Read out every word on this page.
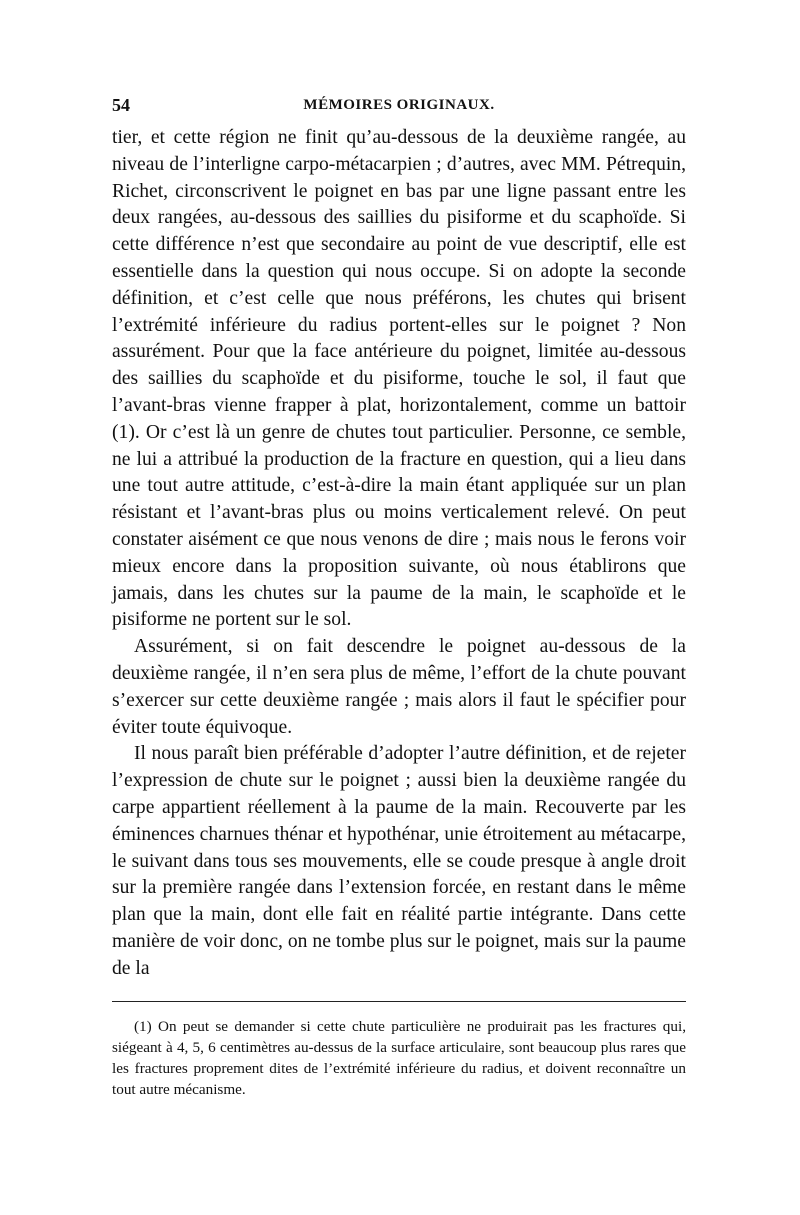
54	MÉMOIRES ORIGINAUX.

tier, et cette région ne finit qu’au-dessous de la deuxième rangée, au niveau de l’interligne carpo-métacarpien ; d’autres, avec MM. Pétrequin, Richet, circonscrivent le poignet en bas par une ligne passant entre les deux rangées, au-dessous des saillies du pisiforme et du scaphoïde. Si cette différence n’est que secondaire au point de vue descriptif, elle est essentielle dans la question qui nous occupe. Si on adopte la seconde définition, et c’est celle que nous préférons, les chutes qui brisent l’extrémité inférieure du radius portent-elles sur le poignet ? Non assurément. Pour que la face antérieure du poignet, limitée au-dessous des saillies du scaphoïde et du pisiforme, touche le sol, il faut que l’avant-bras vienne frapper à plat, horizontalement, comme un battoir (1). Or c’est là un genre de chutes tout particulier. Personne, ce semble, ne lui a attribué la production de la fracture en question, qui a lieu dans une tout autre attitude, c’est-à-dire la main étant appliquée sur un plan résistant et l’avant-bras plus ou moins verticalement relevé. On peut constater aisément ce que nous venons de dire ; mais nous le ferons voir mieux encore dans la proposition suivante, où nous établirons que jamais, dans les chutes sur la paume de la main, le scaphoïde et le pisiforme ne portent sur le sol.

Assurément, si on fait descendre le poignet au-dessous de la deuxième rangée, il n’en sera plus de même, l’effort de la chute pouvant s’exercer sur cette deuxième rangée ; mais alors il faut le spécifier pour éviter toute équivoque.

Il nous paraît bien préférable d’adopter l’autre définition, et de rejeter l’expression de chute sur le poignet ; aussi bien la deuxième rangée du carpe appartient réellement à la paume de la main. Recouverte par les éminences charnues thénar et hypothénar, unie étroitement au métacarpe, le suivant dans tous ses mouvements, elle se coude presque à angle droit sur la première rangée dans l’extension forcée, en restant dans le même plan que la main, dont elle fait en réalité partie intégrante. Dans cette manière de voir donc, on ne tombe plus sur le poignet, mais sur la paume de la

(1) On peut se demander si cette chute particulière ne produirait pas les fractures qui, siégeant à 4, 5, 6 centimètres au-dessus de la surface articulaire, sont beaucoup plus rares que les fractures proprement dites de l’extrémité inférieure du radius, et doivent reconnaître un tout autre mécanisme.
